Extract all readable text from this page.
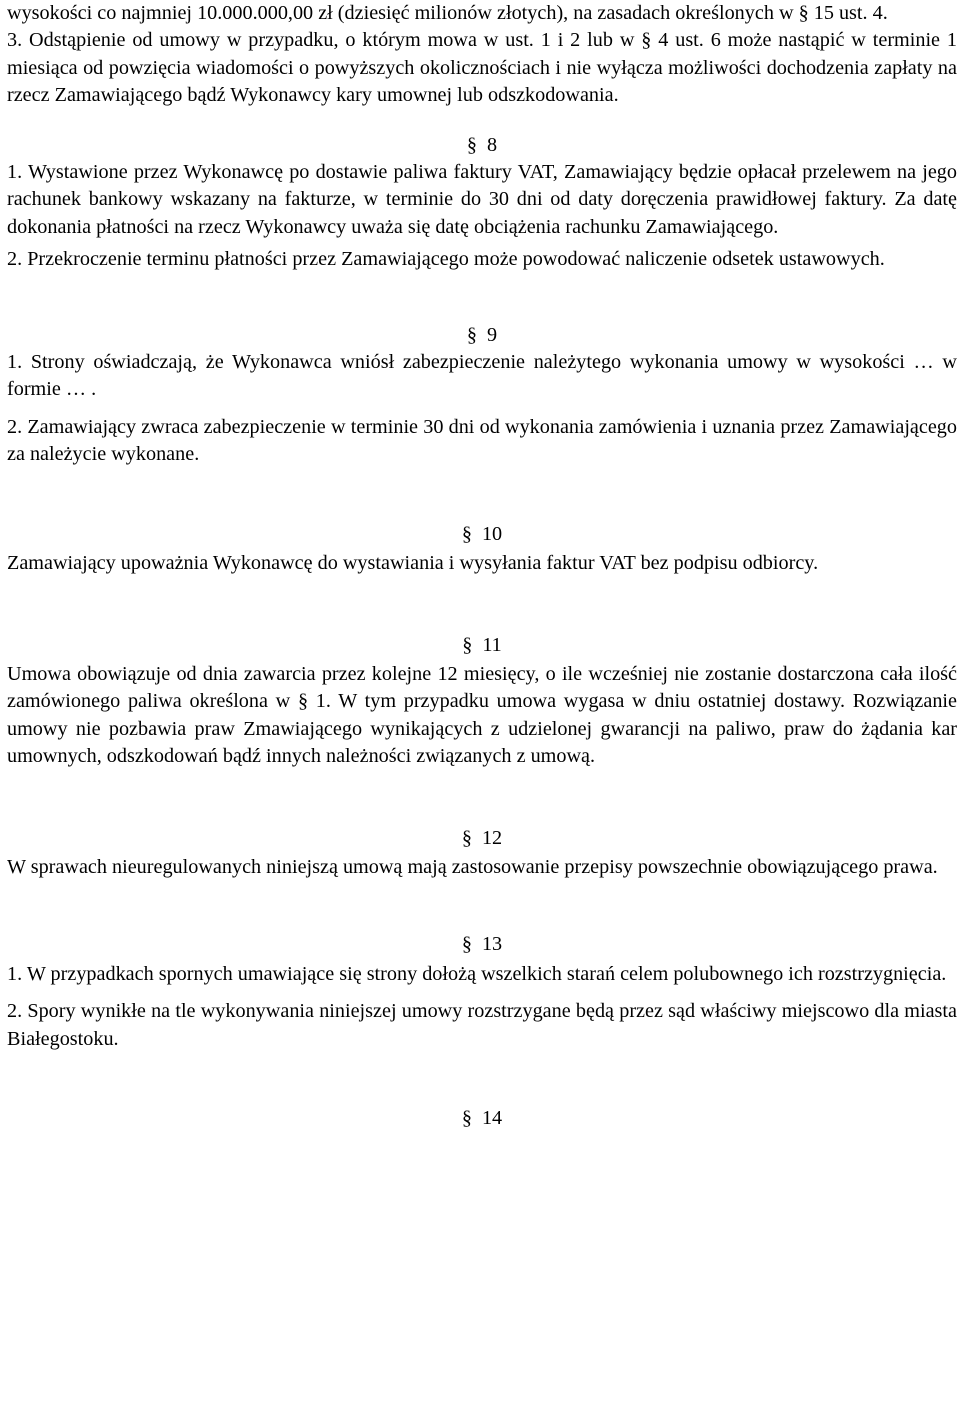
wysokości co najmniej 10.000.000,00 zł (dziesięć milionów złotych), na zasadach określonych w § 15 ust. 4.

3. Odstąpienie od umowy w przypadku, o którym mowa w ust. 1 i 2 lub w § 4 ust. 6 może nastąpić w terminie 1 miesiąca od powzięcia wiadomości o powyższych okolicznościach i nie wyłącza możliwości dochodzenia zapłaty na rzecz Zamawiającego bądź Wykonawcy kary umownej lub odszkodowania.

§ 8

1. Wystawione przez Wykonawcę po dostawie paliwa faktury VAT, Zamawiający będzie opłacał przelewem na jego rachunek bankowy wskazany na fakturze, w terminie do 30 dni od daty doręczenia prawidłowej faktury. Za datę dokonania płatności na rzecz Wykonawcy uważa się datę obciążenia rachunku Zamawiającego.

2. Przekroczenie terminu płatności przez Zamawiającego może powodować naliczenie odsetek ustawowych.

§ 9

1. Strony oświadczają, że Wykonawca wniósł zabezpieczenie należytego wykonania umowy w wysokości … w formie … .

2. Zamawiający zwraca zabezpieczenie w terminie 30 dni od wykonania zamówienia i uznania przez Zamawiającego za należycie wykonane.

§ 10

Zamawiający upoważnia Wykonawcę do wystawiania i wysyłania faktur VAT bez podpisu odbiorcy.

§ 11

Umowa obowiązuje od dnia zawarcia przez kolejne 12 miesięcy, o ile wcześniej nie zostanie dostarczona cała ilość zamówionego paliwa określona w § 1. W tym przypadku umowa wygasa w dniu ostatniej dostawy. Rozwiązanie umowy nie pozbawia praw Zmawiającego wynikających z udzielonej gwarancji na paliwo, praw do żądania kar umownych, odszkodowań bądź innych należności związanych z umową.

§ 12

W sprawach nieuregulowanych niniejszą umową mają zastosowanie przepisy powszechnie obowiązującego prawa.

§ 13

1. W przypadkach spornych umawiające się strony dołożą wszelkich starań celem polubownego ich rozstrzygnięcia.

2. Spory wynikłe na tle wykonywania niniejszej umowy rozstrzygane będą przez sąd właściwy miejscowo dla miasta Białegostoku.

§ 14
